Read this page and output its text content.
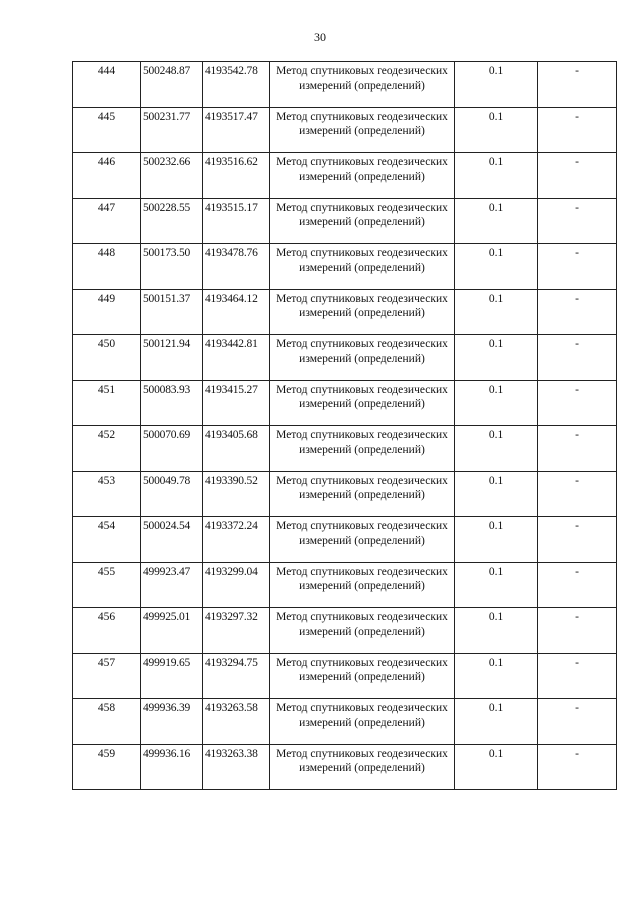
30
444	500248.87	4193542.78	Метод спутниковых геодезических измерений (определений)	0.1	-
445	500231.77	4193517.47	Метод спутниковых геодезических измерений (определений)	0.1	-
446	500232.66	4193516.62	Метод спутниковых геодезических измерений (определений)	0.1	-
447	500228.55	4193515.17	Метод спутниковых геодезических измерений (определений)	0.1	-
448	500173.50	4193478.76	Метод спутниковых геодезических измерений (определений)	0.1	-
449	500151.37	4193464.12	Метод спутниковых геодезических измерений (определений)	0.1	-
450	500121.94	4193442.81	Метод спутниковых геодезических измерений (определений)	0.1	-
451	500083.93	4193415.27	Метод спутниковых геодезических измерений (определений)	0.1	-
452	500070.69	4193405.68	Метод спутниковых геодезических измерений (определений)	0.1	-
453	500049.78	4193390.52	Метод спутниковых геодезических измерений (определений)	0.1	-
454	500024.54	4193372.24	Метод спутниковых геодезических измерений (определений)	0.1	-
455	499923.47	4193299.04	Метод спутниковых геодезических измерений (определений)	0.1	-
456	499925.01	4193297.32	Метод спутниковых геодезических измерений (определений)	0.1	-
457	499919.65	4193294.75	Метод спутниковых геодезических измерений (определений)	0.1	-
458	499936.39	4193263.58	Метод спутниковых геодезических измерений (определений)	0.1	-
459	499936.16	4193263.38	Метод спутниковых геодезических измерений (определений)	0.1	-
